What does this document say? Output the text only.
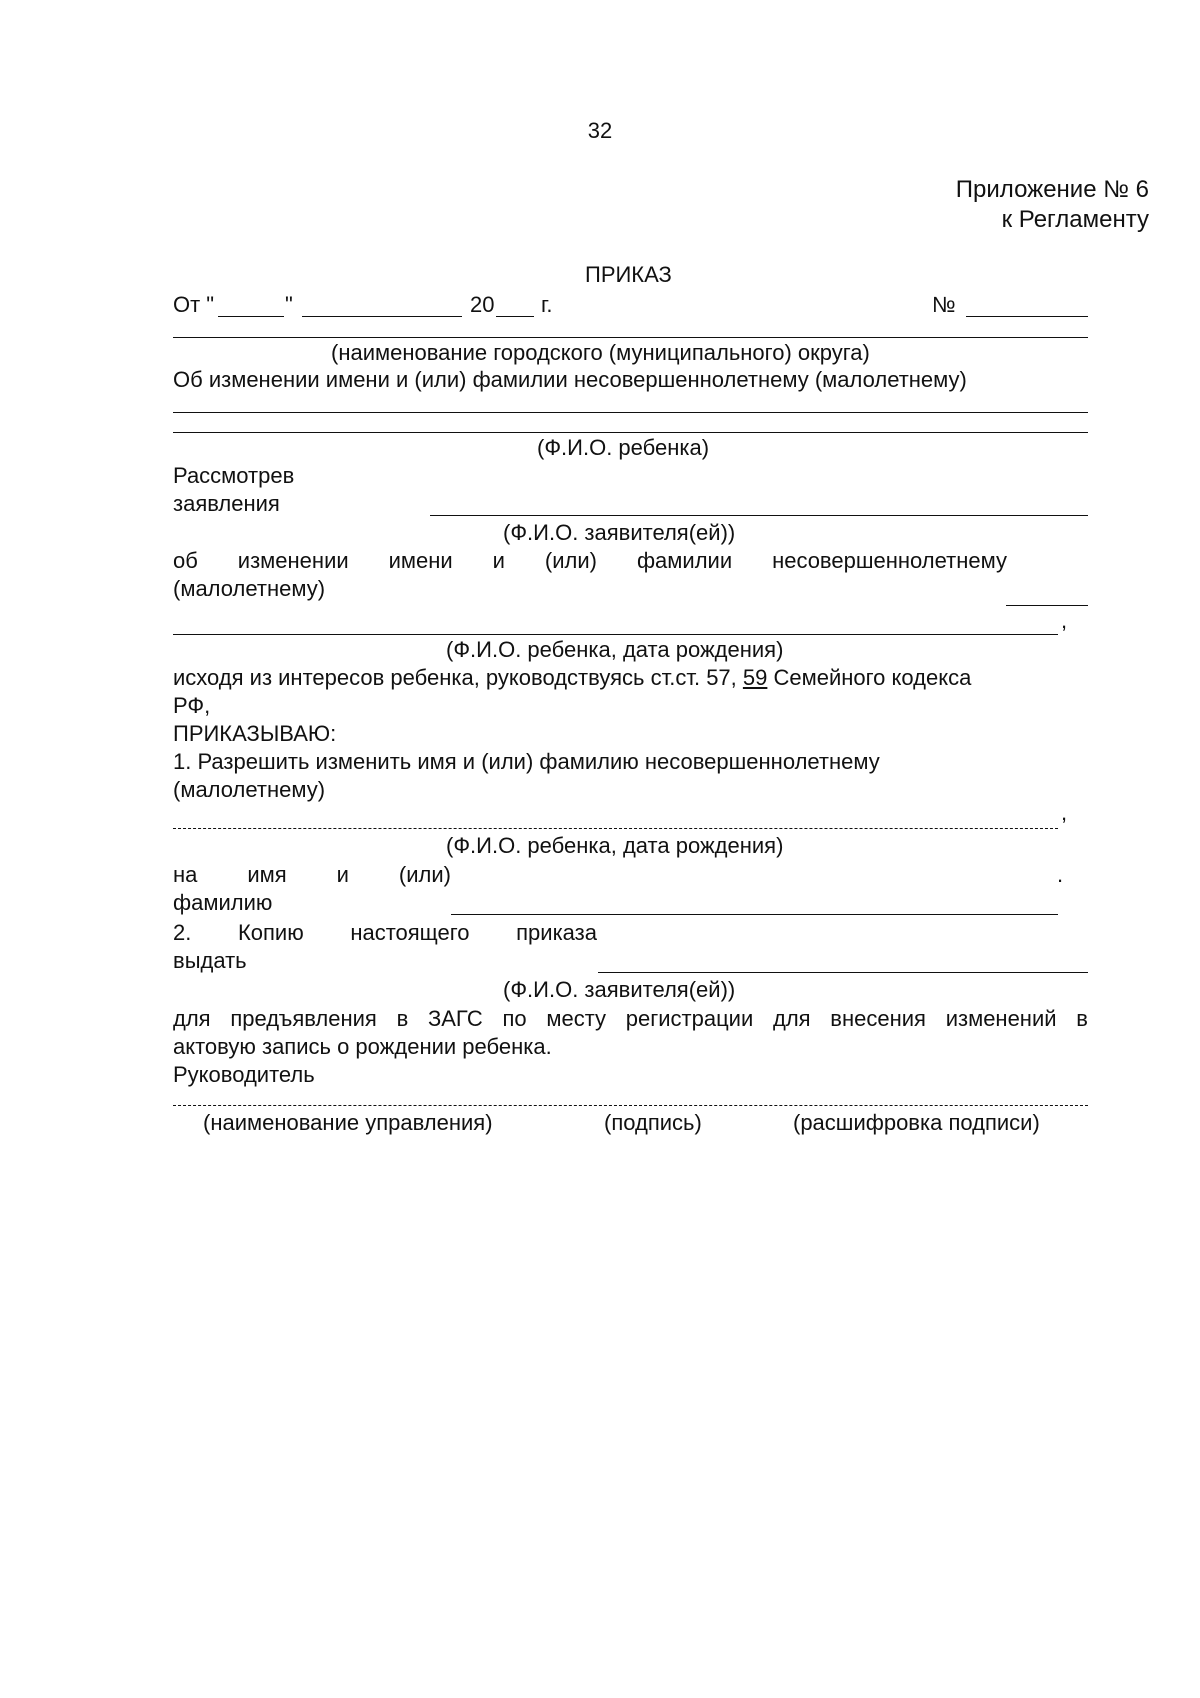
32
Приложение № 6
к Регламенту
ПРИКАЗ
От "	"	20 г.	№
(наименование городского (муниципального) округа)
Об изменении имени и (или) фамилии несовершеннолетнему (малолетнему)
(Ф.И.О. ребенка)
Рассмотрев
заявления
(Ф.И.О. заявителя(ей))
об изменении имени и (или) фамилии несовершеннолетнему
(малолетнему)
,
(Ф.И.О. ребенка, дата рождения)
исходя из интересов ребенка, руководствуясь ст.ст. 57, 59 Семейного кодекса
РФ,
ПРИКАЗЫВАЮ:
1. Разрешить изменить имя и (или) фамилию несовершеннолетнему
(малолетнему)
,
(Ф.И.О. ребенка, дата рождения)
на имя и (или)	.
фамилию
2. Копию настоящего приказа
выдать
(Ф.И.О. заявителя(ей))
для предъявления в ЗАГС по месту регистрации для внесения изменений в
актовую запись о рождении ребенка.
Руководитель
(наименование управления)	(подпись)	(расшифровка подписи)
